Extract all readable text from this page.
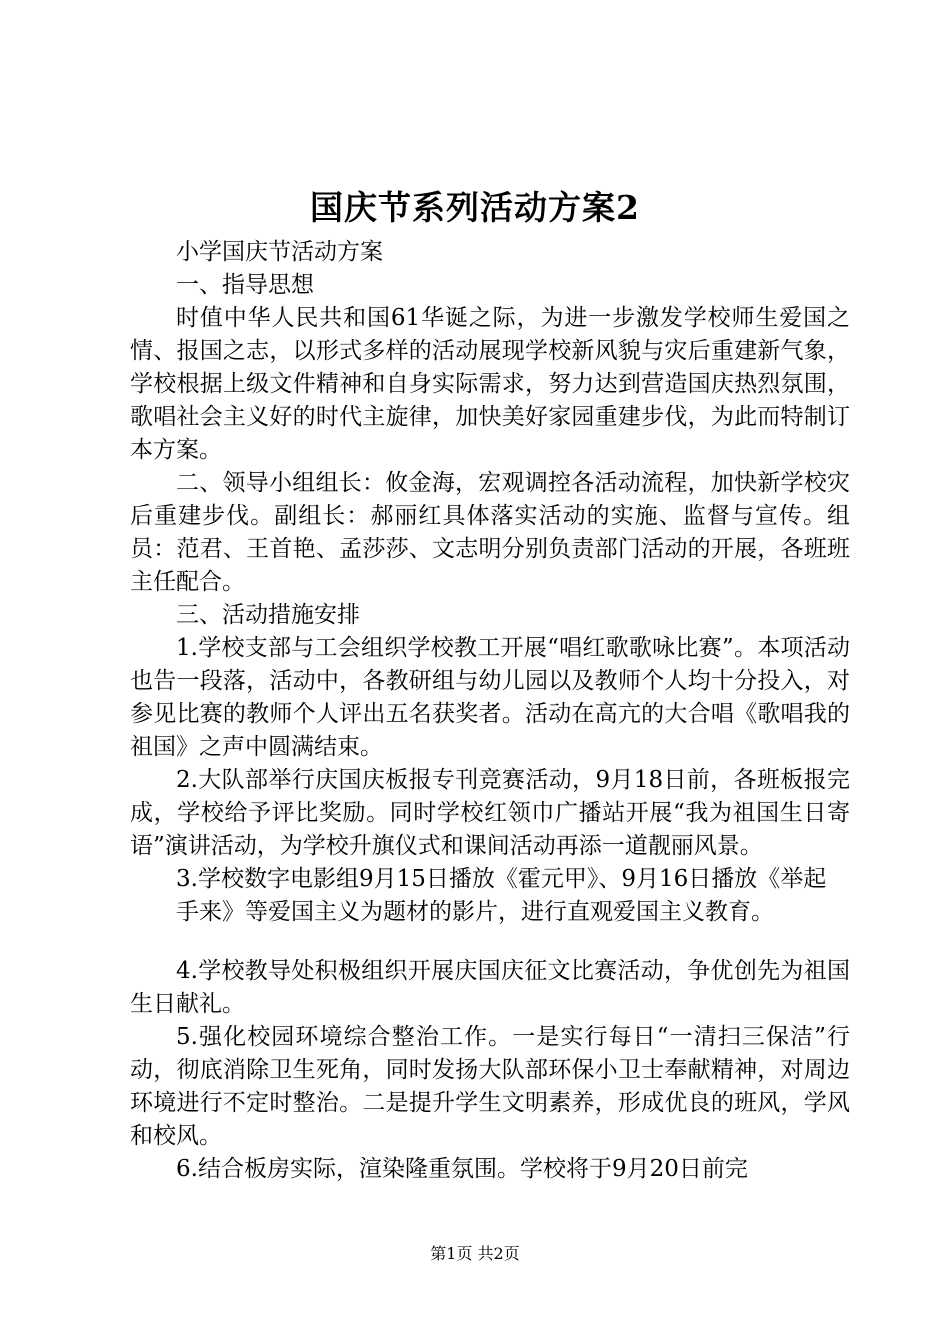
国庆节系列活动方案2

小学国庆节活动方案

一、指导思想

时值中华人民共和国61华诞之际，为进一步激发学校师生爱国之情、报国之志，以形式多样的活动展现学校新风貌与灾后重建新气象，学校根据上级文件精神和自身实际需求，努力达到营造国庆热烈氛围，歌唱社会主义好的时代主旋律，加快美好家园重建步伐，为此而特制订本方案。

二、领导小组组长：攸金海，宏观调控各活动流程，加快新学校灾后重建步伐。副组长：郝丽红具体落实活动的实施、监督与宣传。组员：范君、王首艳、孟莎莎、文志明分别负责部门活动的开展，各班班主任配合。

三、活动措施安排

1.学校支部与工会组织学校教工开展“唱红歌歌咏比赛”。本项活动也告一段落，活动中，各教研组与幼儿园以及教师个人均十分投入，对参见比赛的教师个人评出五名获奖者。活动在高亢的大合唱《歌唱我的祖国》之声中圆满结束。

2.大队部举行庆国庆板报专刊竞赛活动，9月18日前，各班板报完成，学校给予评比奖励。同时学校红领巾广播站开展“我为祖国生日寄语”演讲活动，为学校升旗仪式和课间活动再添一道靓丽风景。

3.学校数字电影组9月15日播放《霍元甲》、9月16日播放《举起

手来》等爱国主义为题材的影片，进行直观爱国主义教育。

4.学校教导处积极组织开展庆国庆征文比赛活动，争优创先为祖国生日献礼。

5.强化校园环境综合整治工作。一是实行每日“一清扫三保洁”行动，彻底消除卫生死角，同时发扬大队部环保小卫士奉献精神，对周边环境进行不定时整治。二是提升学生文明素养，形成优良的班风，学风和校风。

6.结合板房实际，渲染隆重氛围。学校将于9月20日前完

第1页 共2页
